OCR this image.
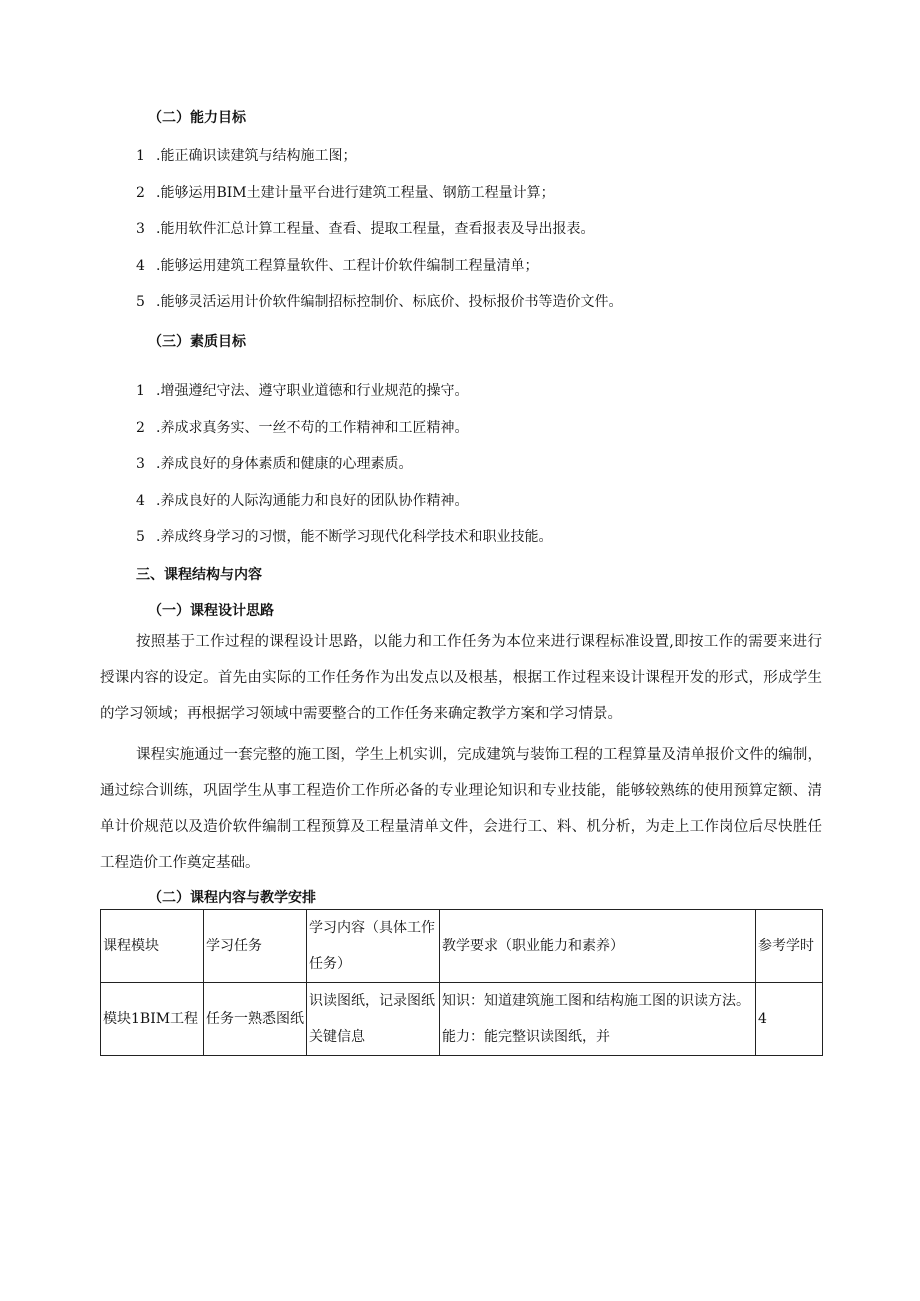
（二）能力目标
1 .能正确识读建筑与结构施工图；
2 .能够运用BIM土建计量平台进行建筑工程量、钢筋工程量计算；
3 .能用软件汇总计算工程量、查看、提取工程量，查看报表及导出报表。
4 .能够运用建筑工程算量软件、工程计价软件编制工程量清单；
5 .能够灵活运用计价软件编制招标控制价、标底价、投标报价书等造价文件。
（三）素质目标
1 .增强遵纪守法、遵守职业道德和行业规范的操守。
2 .养成求真务实、一丝不苟的工作精神和工匠精神。
3 .养成良好的身体素质和健康的心理素质。
4 .养成良好的人际沟通能力和良好的团队协作精神。
5 .养成终身学习的习惯，能不断学习现代化科学技术和职业技能。
三、课程结构与内容
（一）课程设计思路
按照基于工作过程的课程设计思路，以能力和工作任务为本位来进行课程标准设置,即按工作的需要来进行授课内容的设定。首先由实际的工作任务作为出发点以及根基，根据工作过程来设计课程开发的形式，形成学生的学习领域；再根据学习领域中需要整合的工作任务来确定教学方案和学习情景。
课程实施通过一套完整的施工图，学生上机实训，完成建筑与装饰工程的工程算量及清单报价文件的编制，通过综合训练，巩固学生从事工程造价工作所必备的专业理论知识和专业技能，能够较熟练的使用预算定额、清单计价规范以及造价软件编制工程预算及工程量清单文件，会进行工、料、机分析，为走上工作岗位后尽快胜任工程造价工作奠定基础。
（二）课程内容与教学安排
课程模块	学习任务	学习内容（具体工作任务）	教学要求（职业能力和素养）	参考学时
模块1BIM工程	任务一熟悉图纸	识读图纸，记录图纸关键信息	知识：知道建筑施工图和结构施工图的识读方法。能力：能完整识读图纸，并	4
